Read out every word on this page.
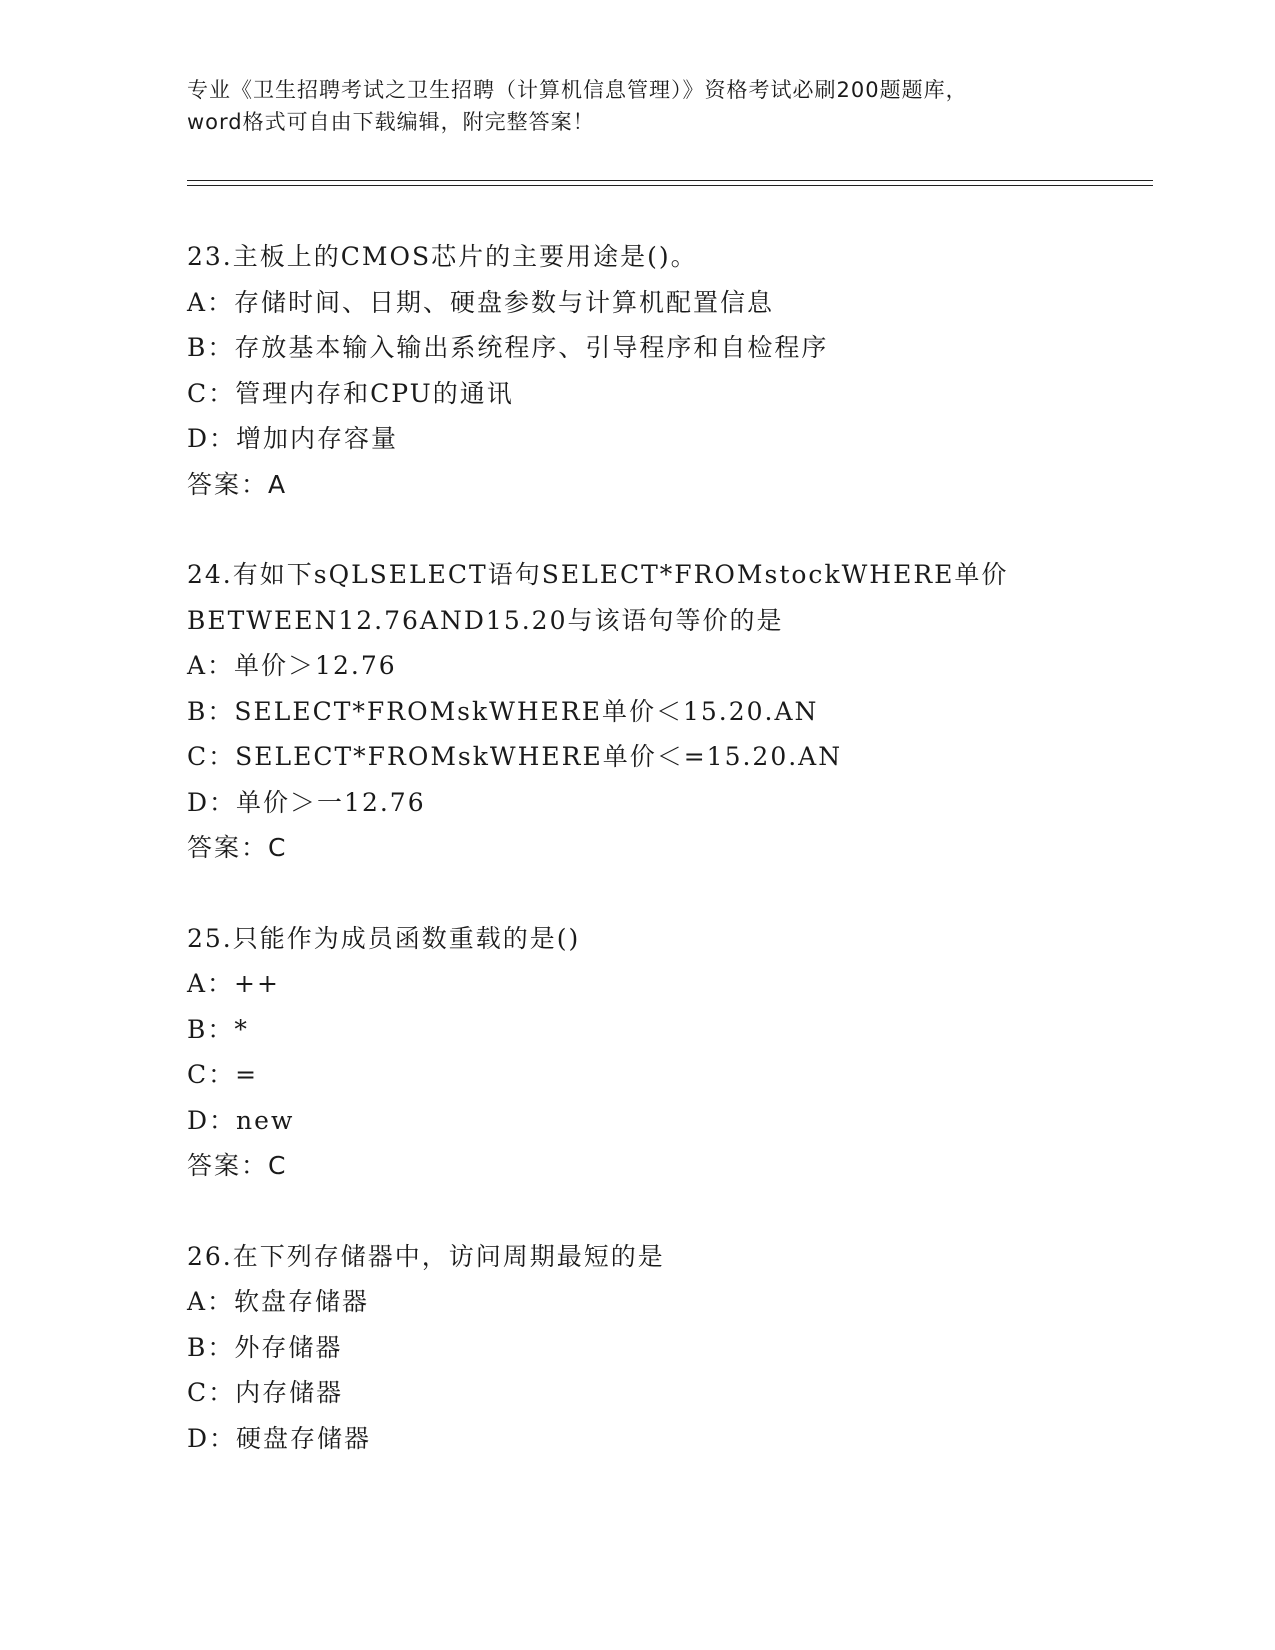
专业《卫生招聘考试之卫生招聘（计算机信息管理）》资格考试必刷200题题库，
word格式可自由下载编辑，附完整答案！
23.主板上的CMOS芯片的主要用途是()。
A：存储时间、日期、硬盘参数与计算机配置信息
B：存放基本输入输出系统程序、引导程序和自检程序
C：管理内存和CPU的通讯
D：增加内存容量
答案：A
24.有如下sQLSELECT语句SELECT*FROMstockWHERE单价
BETWEEN12.76AND15.20与该语句等价的是
A：单价＞12.76
B：SELECT*FROMskWHERE单价＜15.20.AN
C：SELECT*FROMskWHERE单价＜=15.20.AN
D：单价＞一12.76
答案：C
25.只能作为成员函数重载的是()
A：++
B：*
C：=
D：new
答案：C
26.在下列存储器中，访问周期最短的是
A：软盘存储器
B：外存储器
C：内存储器
D：硬盘存储器
